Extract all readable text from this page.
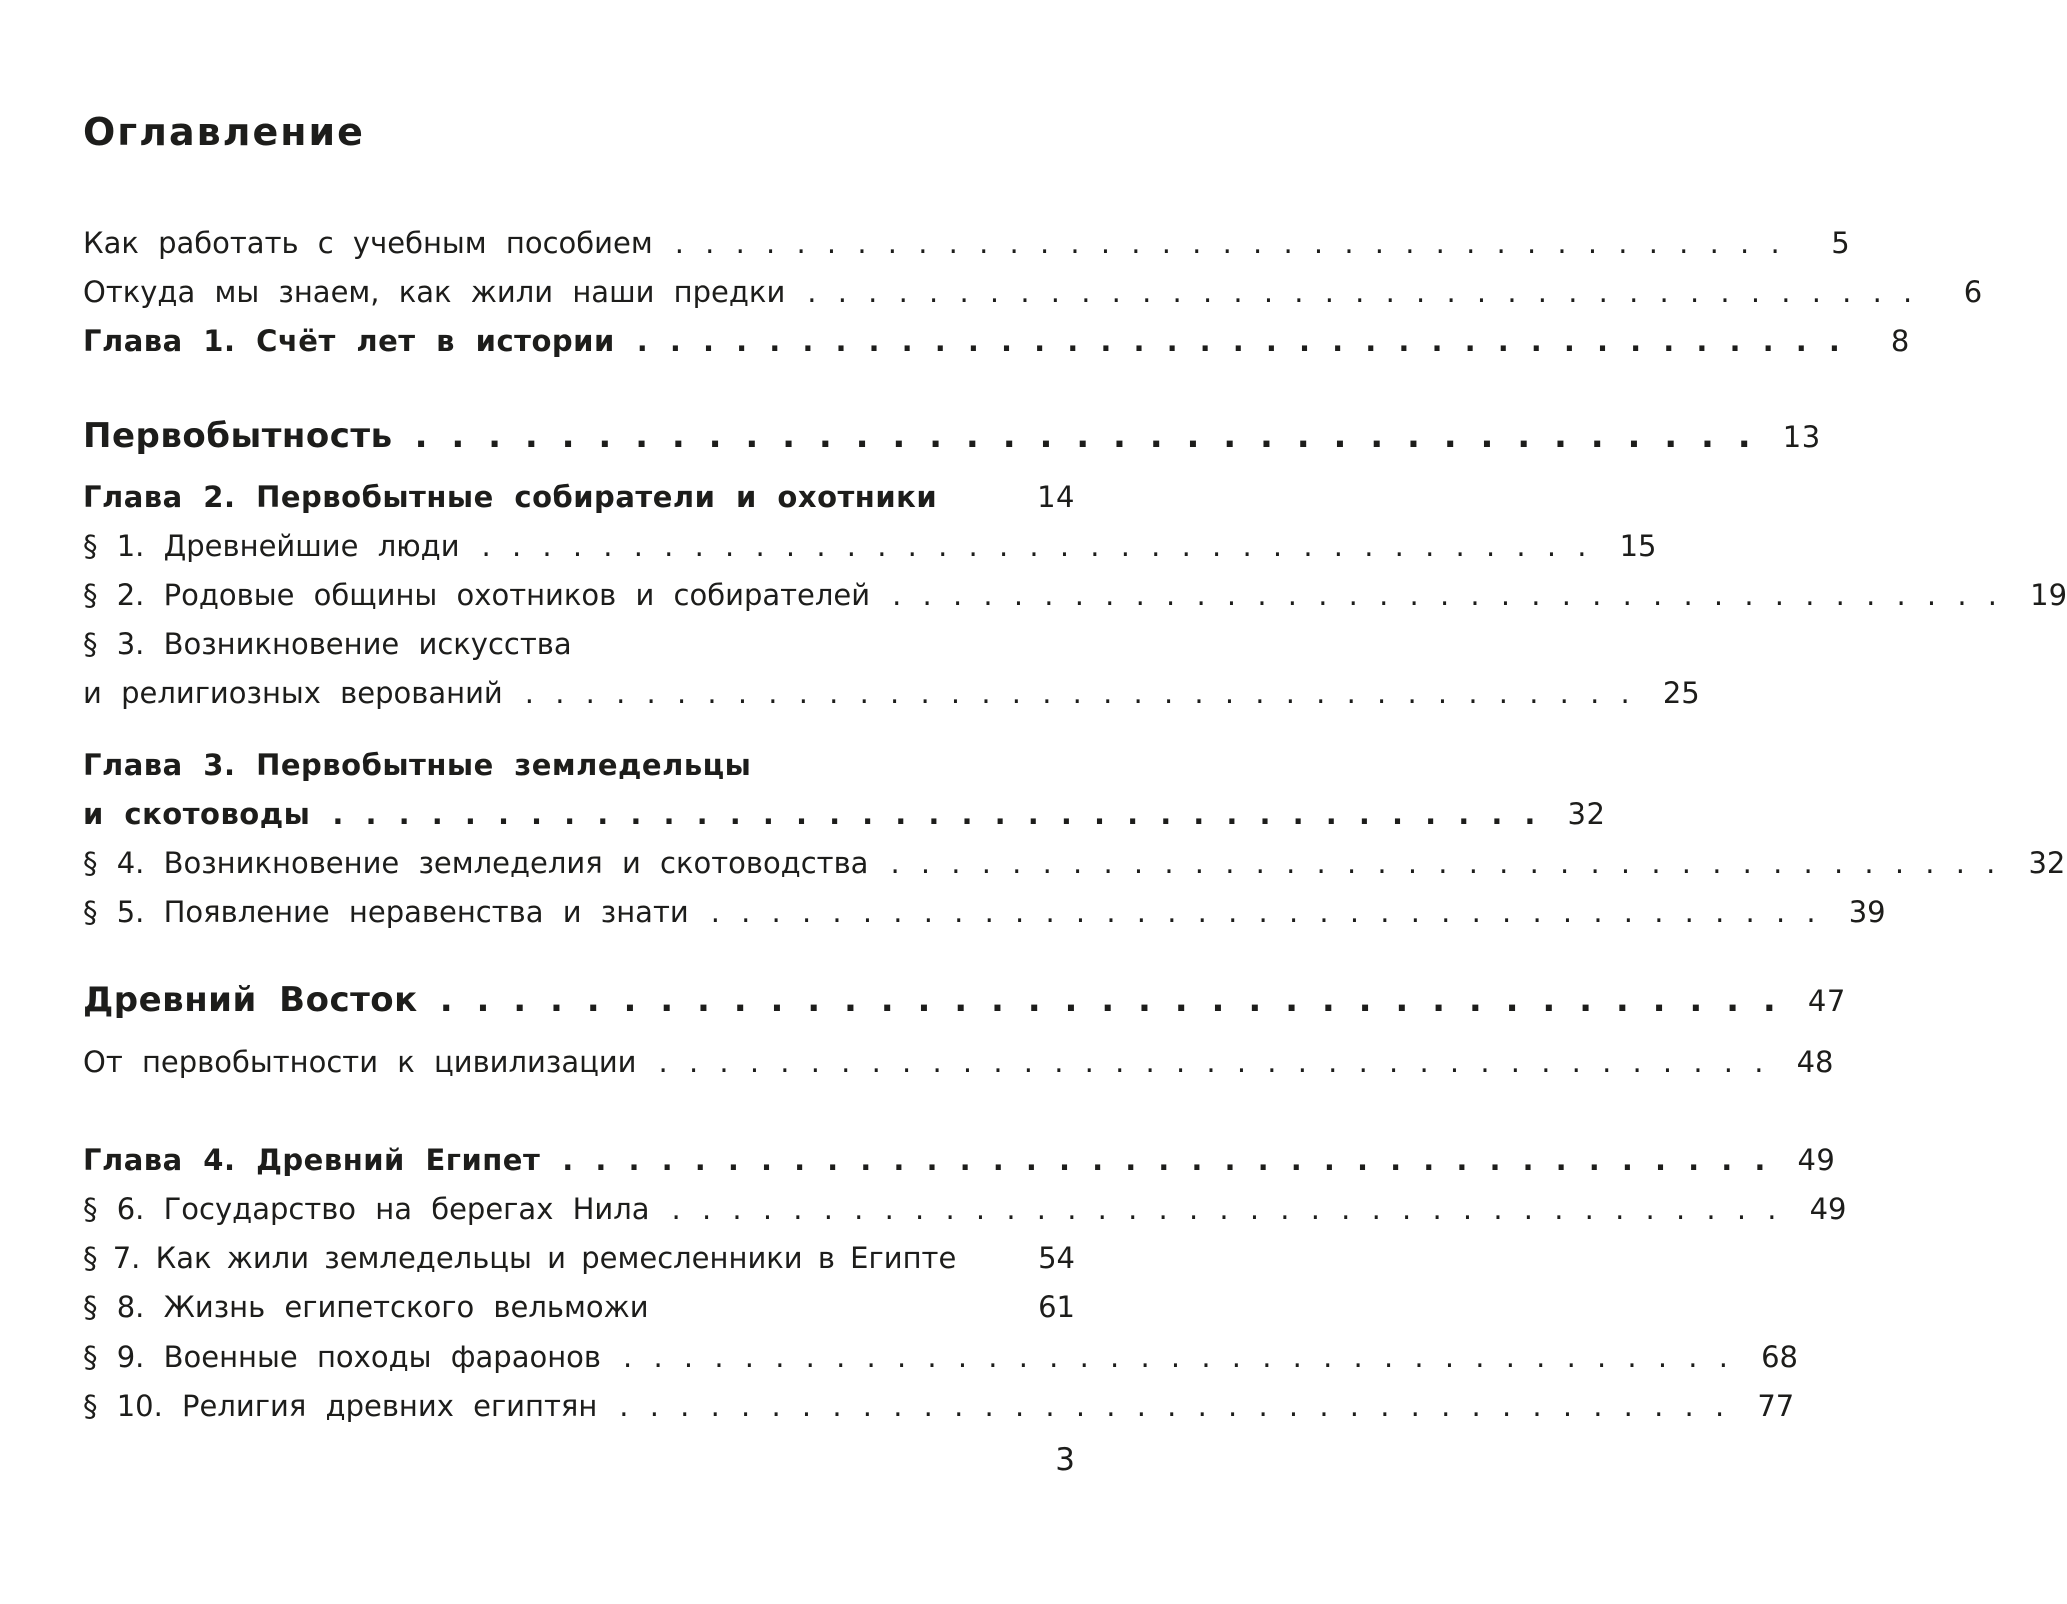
Оглавление
Как работать с учебным пособием . . . . . . . . . . . . . . . . . . . . . . . . . . . . . . . . . . . . .	5
Откуда мы знаем, как жили наши предки . . . . . . . . . . . . . . . . . . . . . . . . . . . . . . . . . . . . .	6
Глава 1. Счёт лет в истории . . . . . . . . . . . . . . . . . . . . . . . . . . . . . . . . . . . . .	8
Первобытность . . . . . . . . . . . . . . . . . . . . . . . . . . . . . . . . . . . . . 13
Глава 2. Первобытные собиратели и охотники	14
§ 1. Древнейшие люди . . . . . . . . . . . . . . . . . . . . . . . . . . . . . . . . . . . . . 15
§ 2. Родовые общины охотников и собирателей . . . . . . . . . . . . . . . . . . . . . . . . . . . . . . . . . . . . . 19
§ 3. Возникновение искусства
и религиозных верований . . . . . . . . . . . . . . . . . . . . . . . . . . . . . . . . . . . . . 25
Глава 3. Первобытные земледельцы
и скотоводы . . . . . . . . . . . . . . . . . . . . . . . . . . . . . . . . . . . . . 32
§ 4. Возникновение земледелия и скотоводства . . . . . . . . . . . . . . . . . . . . . . . . . . . . . . . . . . . . . 32
§ 5. Появление неравенства и знати . . . . . . . . . . . . . . . . . . . . . . . . . . . . . . . . . . . . . 39
Древний Восток . . . . . . . . . . . . . . . . . . . . . . . . . . . . . . . . . . . . . 47
От первобытности к цивилизации . . . . . . . . . . . . . . . . . . . . . . . . . . . . . . . . . . . . . 48
Глава 4. Древний Египет . . . . . . . . . . . . . . . . . . . . . . . . . . . . . . . . . . . . . 49
§ 6. Государство на берегах Нила . . . . . . . . . . . . . . . . . . . . . . . . . . . . . . . . . . . . . 49
§ 7. Как жили земледельцы и ремесленники в Египте	54
§ 8. Жизнь египетского вельможи	61
§ 9. Военные походы фараонов . . . . . . . . . . . . . . . . . . . . . . . . . . . . . . . . . . . . . 68
§ 10. Религия древних египтян . . . . . . . . . . . . . . . . . . . . . . . . . . . . . . . . . . . . . 77
3
